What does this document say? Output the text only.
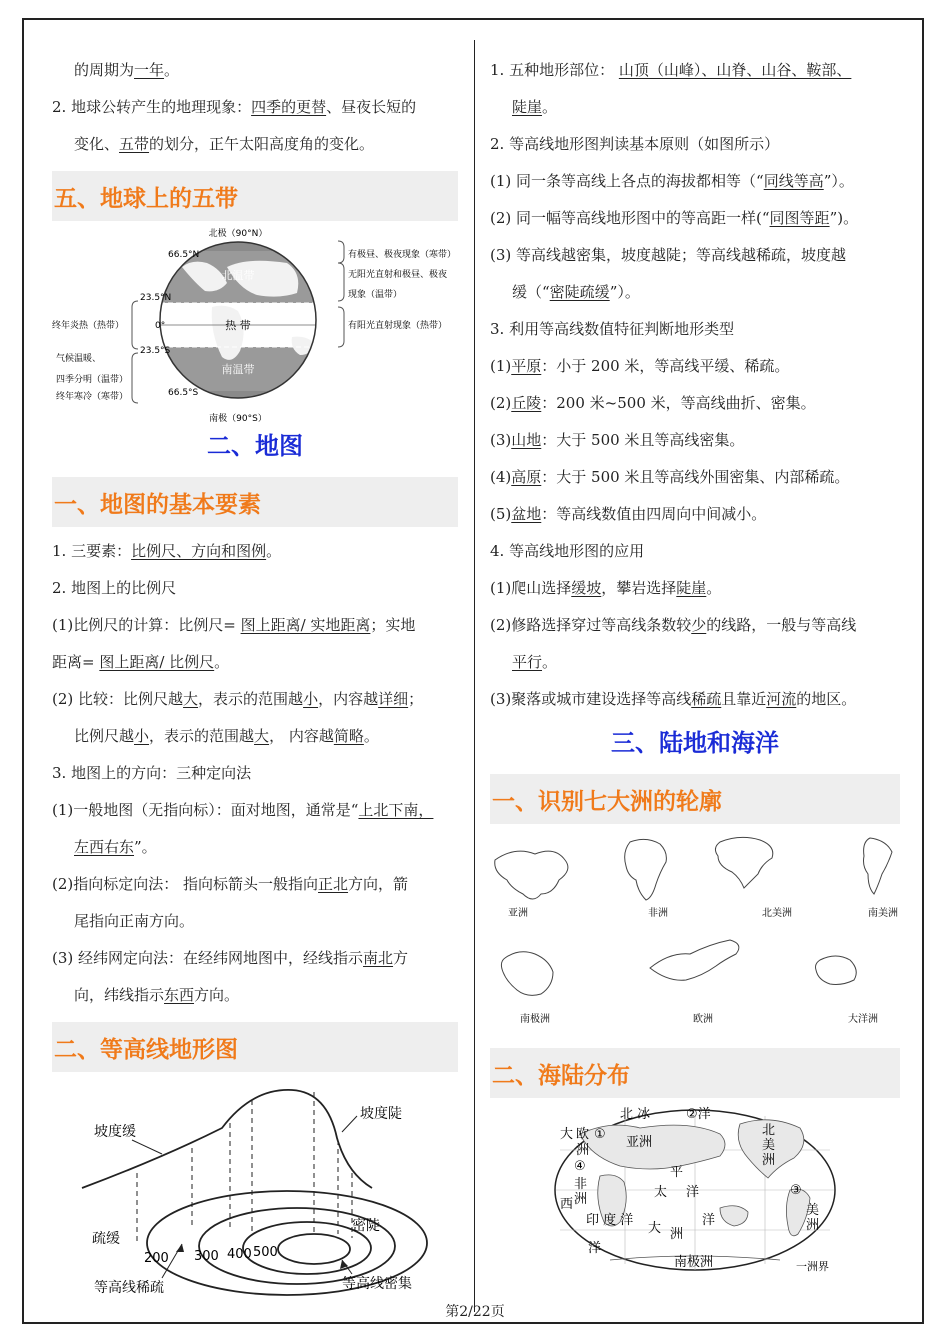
的周期为一年。
2. 地球公转产生的地理现象：四季的更替、昼夜长短的
变化、五带的划分，正午太阳高度角的变化。
五、地球上的五带
北极（90°N）
南极（90°S）
66.5°N
23.5°N
0°
23.5°S
66.5°S
北温带
热 带
南温带
终年炎热（热带）
气候温暖、
四季分明（温带）
终年寒冷（寒带）
有极昼、极夜现象（寒带）
无阳光直射和极昼、极夜
现象（温带）
有阳光直射现象（热带）
二、地图
一、地图的基本要素
1. 三要素：比例尺、方向和图例。
2. 地图上的比例尺
(1)比例尺的计算：比例尺= 图上距离/ 实地距离；实地
距离= 图上距离/ 比例尺。
(2) 比较：比例尺越大，表示的范围越小，内容越详细；
比例尺越小，表示的范围越大， 内容越简略。
3. 地图上的方向：三种定向法
(1)一般地图（无指向标）：面对地图，通常是“上北下南，
左西右东”。
(2)指向标定向法： 指向标箭头一般指向正北方向，箭
尾指向正南方向。
(3) 经纬网定向法：在经纬网地图中，经线指示南北方
向，纬线指示东西方向。
二、等高线地形图
坡度缓
坡度陡
疏缓
密陡
200 300 400 500
等高线稀疏	等高线密集
1. 五种地形部位： 山顶（山峰）、山脊、山谷、鞍部、
陡崖。
2. 等高线地形图判读基本原则（如图所示）
(1) 同一条等高线上各点的海拔都相等（“同线等高”）。
(2) 同一幅等高线地形图中的等高距一样(“同图等距”)。
(3) 等高线越密集，坡度越陡；等高线越稀疏，坡度越
缓（“密陡疏缓”）。
3. 利用等高线数值特征判断地形类型
(1)平原：小于 200 米，等高线平缓、稀疏。
(2)丘陵：200 米~500 米，等高线曲折、密集。
(3)山地：大于 500 米且等高线密集。
(4)高原：大于 500 米且等高线外围密集、内部稀疏。
(5)盆地：等高线数值由四周向中间减小。
4. 等高线地形图的应用
(1)爬山选择缓坡，攀岩选择陡崖。
(2)修路选择穿过等高线条数较少的线路，一般与等高线
平行。
(3)聚落或城市建设选择等高线稀疏且靠近河流的地区。
三、陆地和海洋
一、识别七大洲的轮廓
亚洲	非洲	北美洲	南美洲
南极洲	欧洲	大洋洲
二、海陆分布
北 冰	②洋
大 欧
洲
①
亚洲
④
非洲
西
太
平
洋
印 度 洋
大
洋
洋
洲
北美洲
③
美洲
南极洲	一洲界
第2/22页
